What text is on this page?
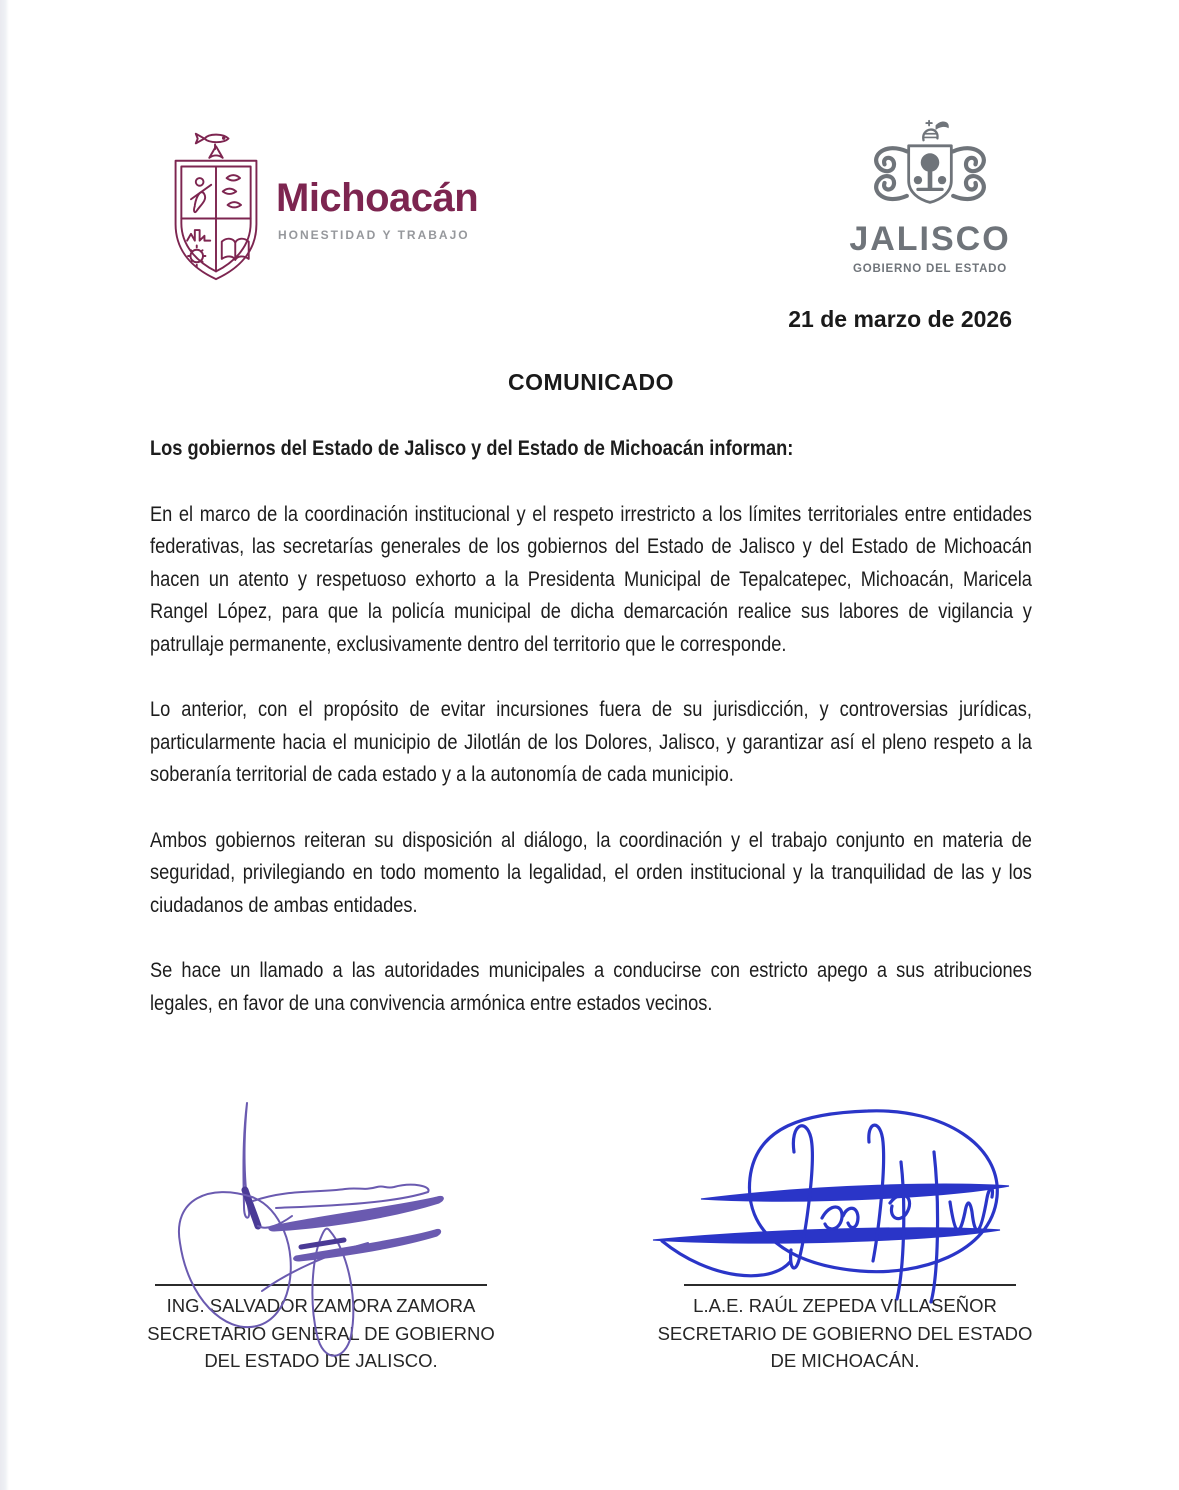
Michoacán
HONESTIDAD Y TRABAJO	JALISCO
GOBIERNO DEL ESTADO
21 de marzo de 2026
COMUNICADO

Los gobiernos del Estado de Jalisco y del Estado de Michoacán informan:

En el marco de la coordinación institucional y el respeto irrestricto a los límites territoriales entre entidades federativas, las secretarías generales de los gobiernos del Estado de Jalisco y del Estado de Michoacán hacen un atento y respetuoso exhorto a la Presidenta Municipal de Tepalcatepec, Michoacán, Maricela Rangel López, para que la policía municipal de dicha demarcación realice sus labores de vigilancia y patrullaje permanente, exclusivamente dentro del territorio que le corresponde.

Lo anterior, con el propósito de evitar incursiones fuera de su jurisdicción, y controversias jurídicas, particularmente hacia el municipio de Jilotlán de los Dolores, Jalisco, y garantizar así el pleno respeto a la soberanía territorial de cada estado y a la autonomía de cada municipio.

Ambos gobiernos reiteran su disposición al diálogo, la coordinación y el trabajo conjunto en materia de seguridad, privilegiando en todo momento la legalidad, el orden institucional y la tranquilidad de las y los ciudadanos de ambas entidades.

Se hace un llamado a las autoridades municipales a conducirse con estricto apego a sus atribuciones legales, en favor de una convivencia armónica entre estados vecinos.

ING. SALVADOR ZAMORA ZAMORA
SECRETARIO GENERAL DE GOBIERNO
DEL ESTADO DE JALISCO.
L.A.E. RAÚL ZEPEDA VILLASEÑOR
SECRETARIO DE GOBIERNO DEL ESTADO
DE MICHOACÁN.
